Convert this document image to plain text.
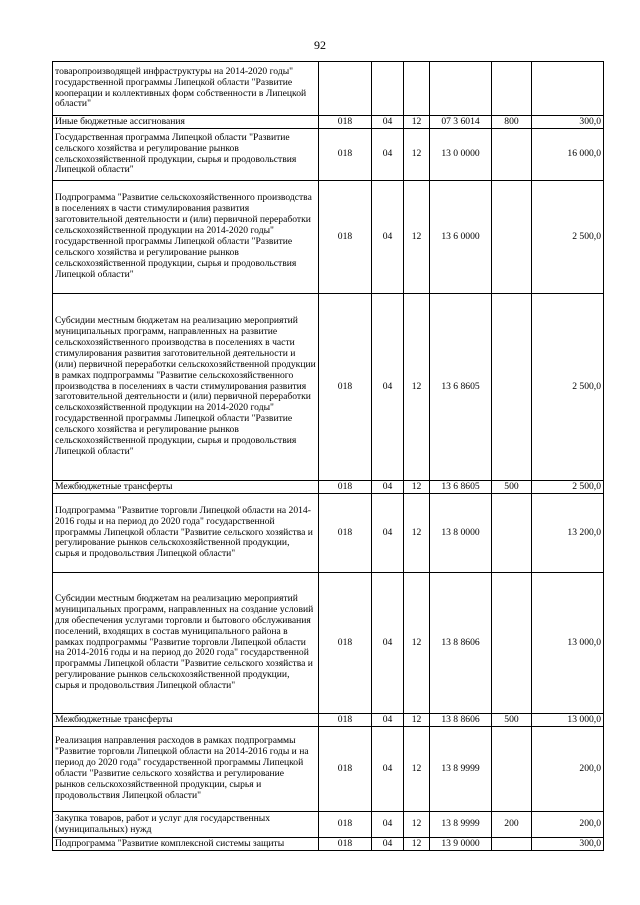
92
товаропроизводящей инфраструктуры на 2014-2020 годы" государственной программы Липецкой области "Развитие кооперации и коллективных форм собственности в Липецкой области"						
Иные бюджетные ассигнования	018	04	12	07 3 6014	800	300,0
Государственная программа Липецкой области "Развитие сельского хозяйства и регулирование рынков сельскохозяйственной продукции, сырья и продовольствия Липецкой области"	018	04	12	13 0 0000		16 000,0
Подпрограмма "Развитие сельскохозяйственного производства в поселениях в части стимулирования развития заготовительной деятельности и (или) первичной переработки сельскохозяйственной продукции на 2014-2020 годы" государственной программы Липецкой области "Развитие сельского хозяйства и регулирование рынков сельскохозяйственной продукции, сырья и продовольствия Липецкой области"	018	04	12	13 6 0000		2 500,0
Субсидии местным бюджетам на реализацию мероприятий муниципальных программ, направленных на развитие сельскохозяйственного производства в поселениях в части стимулирования развития заготовительной деятельности и (или) первичной переработки сельскохозяйственной продукции в рамках подпрограммы "Развитие сельскохозяйственного производства в поселениях в части стимулирования развития заготовительной деятельности и (или) первичной переработки сельскохозяйственной продукции на 2014-2020 годы" государственной программы Липецкой области "Развитие сельского хозяйства и регулирование рынков сельскохозяйственной продукции, сырья и продовольствия Липецкой области"	018	04	12	13 6 8605		2 500,0
Межбюджетные трансферты	018	04	12	13 6 8605	500	2 500,0
Подпрограмма "Развитие торговли Липецкой области на 2014-2016 годы и на период до 2020 года" государственной программы Липецкой области "Развитие сельского хозяйства и регулирование рынков сельскохозяйственной продукции, сырья и продовольствия Липецкой области"	018	04	12	13 8 0000		13 200,0
Субсидии местным бюджетам на реализацию мероприятий муниципальных программ, направленных на создание условий для обеспечения услугами торговли и бытового обслуживания поселений, входящих в состав муниципального района в рамках подпрограммы "Развитие торговли Липецкой области на 2014-2016 годы и на период до 2020 года" государственной программы Липецкой области "Развитие сельского хозяйства и регулирование рынков сельскохозяйственной продукции, сырья и продовольствия Липецкой области"	018	04	12	13 8 8606		13 000,0
Межбюджетные трансферты	018	04	12	13 8 8606	500	13 000,0
Реализация направления расходов в рамках подпрограммы "Развитие торговли Липецкой области на 2014-2016 годы и на период до 2020 года" государственной программы Липецкой области "Развитие сельского хозяйства и регулирование рынков сельскохозяйственной продукции, сырья и продовольствия Липецкой области"	018	04	12	13 8 9999		200,0
Закупка товаров, работ и услуг для государственных (муниципальных) нужд	018	04	12	13 8 9999	200	200,0
Подпрограмма "Развитие комплексной системы защиты	018	04	12	13 9 0000		300,0
